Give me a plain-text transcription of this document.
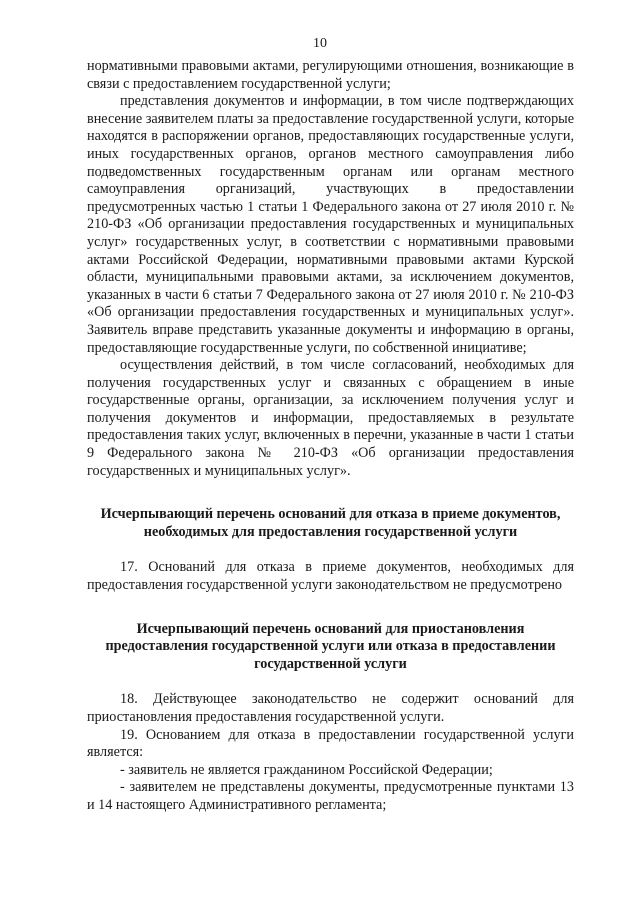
10

нормативными правовыми актами, регулирующими отношения, возникающие в связи с предоставлением государственной услуги;

представления документов и информации, в том числе подтверждающих внесение заявителем платы за предоставление государственной услуги, которые находятся в распоряжении органов, предоставляющих государственные услуги, иных государственных органов, органов местного самоуправления либо подведомственных государственным органам или органам местного самоуправления организаций, участвующих в предоставлении предусмотренных частью 1 статьи 1 Федерального закона от 27 июля 2010 г. № 210-ФЗ «Об организации предоставления государственных и муниципальных услуг» государственных услуг, в соответствии с нормативными правовыми актами Российской Федерации, нормативными правовыми актами Курской области, муниципальными правовыми актами, за исключением документов, указанных в части 6 статьи 7 Федерального закона от 27 июля 2010 г. № 210-ФЗ «Об организации предоставления государственных и муниципальных услуг». Заявитель вправе представить указанные документы и информацию в органы, предоставляющие государственные услуги, по собственной инициативе;

осуществления действий, в том числе согласований, необходимых для получения государственных услуг и связанных с обращением в иные государственные органы, организации, за исключением получения услуг и получения документов и информации, предоставляемых в результате предоставления таких услуг, включенных в перечни, указанные в части 1 статьи 9 Федерального закона № 210-ФЗ «Об организации предоставления государственных и муниципальных услуг».

Исчерпывающий перечень оснований для отказа в приеме документов, необходимых для предоставления государственной услуги

17. Оснований для отказа в приеме документов, необходимых для предоставления государственной услуги законодательством не предусмотрено

Исчерпывающий перечень оснований для приостановления предоставления государственной услуги или отказа в предоставлении государственной услуги

18. Действующее законодательство не содержит оснований для приостановления предоставления государственной услуги.

19. Основанием для отказа в предоставлении государственной услуги является:

- заявитель не является гражданином Российской Федерации;

- заявителем не представлены документы, предусмотренные пунктами 13 и 14 настоящего Административного регламента;
